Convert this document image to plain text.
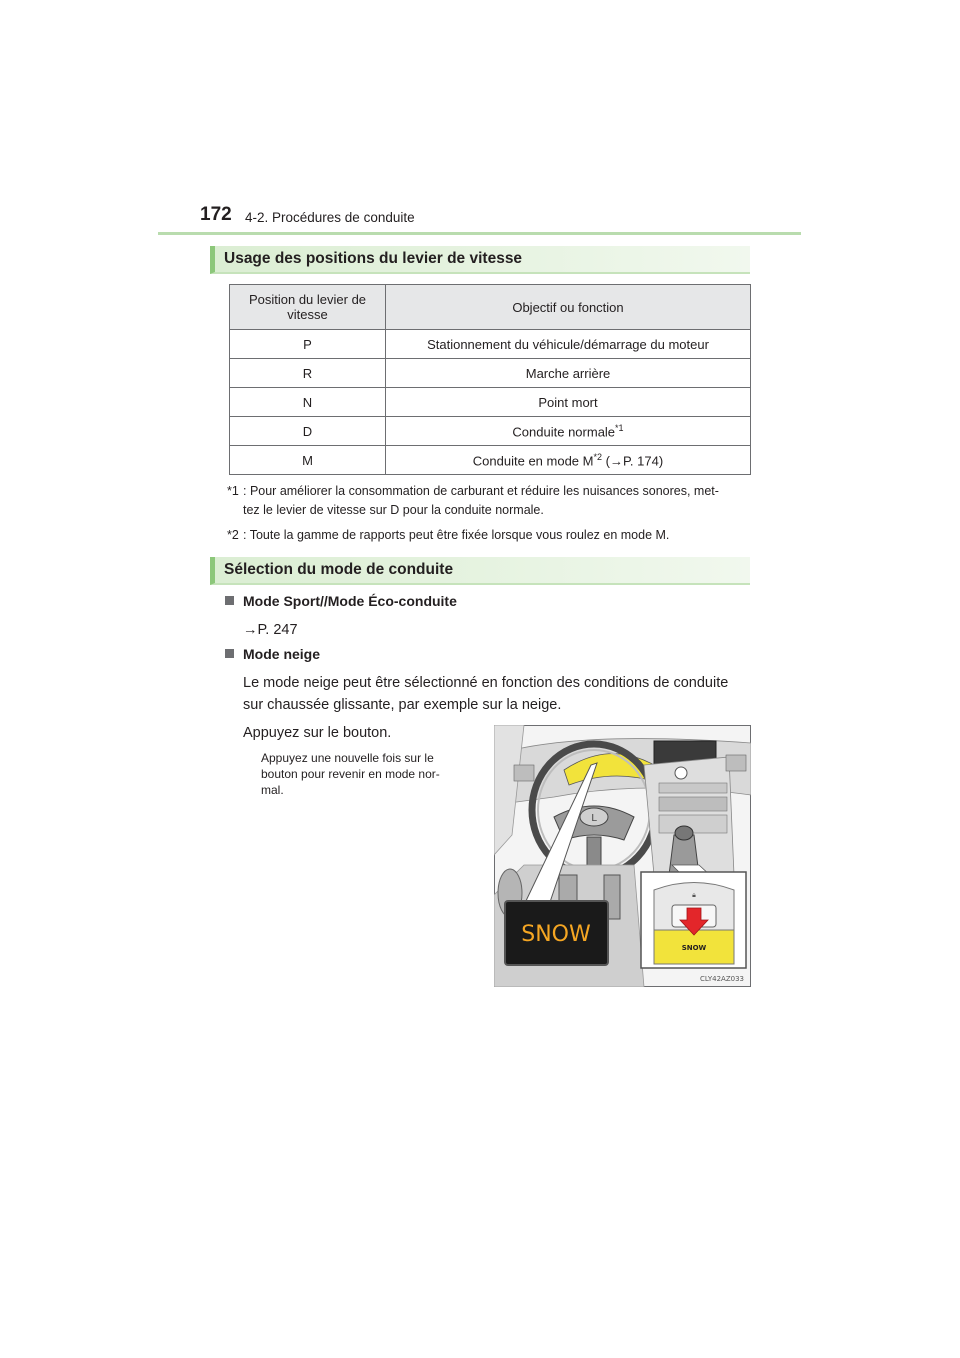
172 4-2. Procédures de conduite
Usage des positions du levier de vitesse
Position du levier de vitesse	Objectif ou fonction
P	Stationnement du véhicule/démarrage du moteur
R	Marche arrière
N	Point mort
D	Conduite normale$^{*1}$
M	Conduite en mode $M^{*2}$ (→P. 174)
*1 : Pour améliorer la consommation de carburant et réduire les nuisances sonores, met-
tez le levier de vitesse sur D pour la conduite normale.
*2 : Toute la gamme de rapports peut être fixée lorsque vous roulez en mode M.
Sélection du mode de conduite
Mode Sport//Mode Éco-conduite
→P. 247
Mode neige
Le mode neige peut être sélectionné en fonction des conditions de conduite
sur chaussée glissante, par exemple sur la neige.
Appuyez sur le bouton.
Appuyez une nouvelle fois sur le
bouton pour revenir en mode nor-
mal.
L
SNOW
SNOW
🔒︎
CLY42AZ033
